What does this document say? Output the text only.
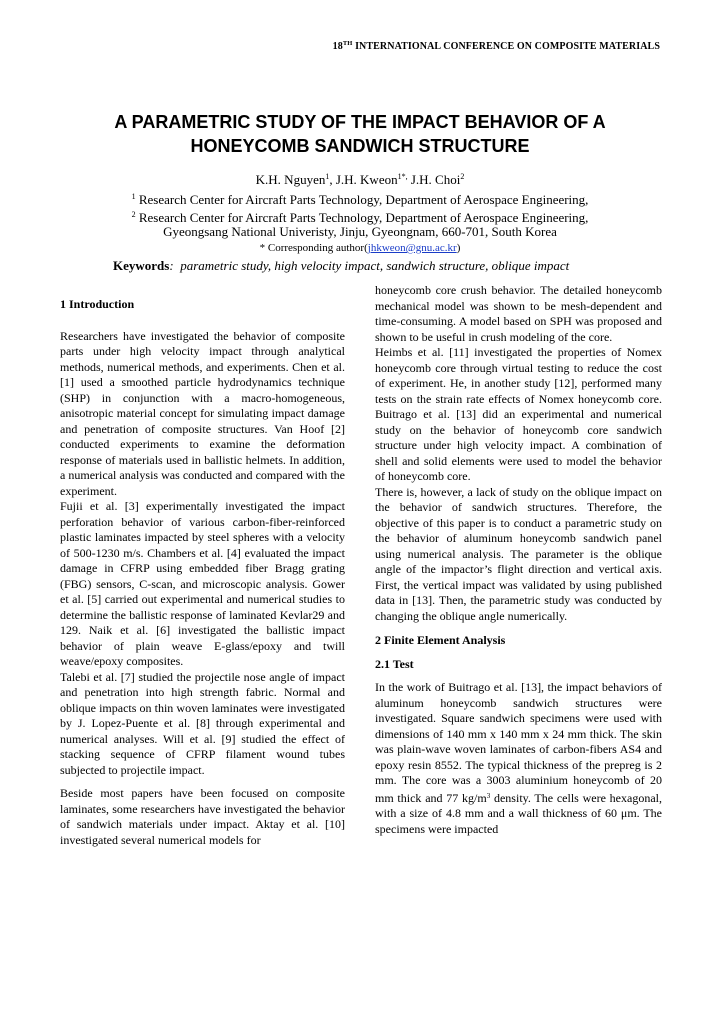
18TH INTERNATIONAL CONFERENCE ON COMPOSITE MATERIALS
A PARAMETRIC STUDY OF THE IMPACT BEHAVIOR OF A
HONEYCOMB SANDWICH STRUCTURE
K.H. Nguyen$^1$, J.H. Kweon$^{1*,}$ J.H. Choi$^2$
$^1$ Research Center for Aircraft Parts Technology, Department of Aerospace Engineering,
$^2$ Research Center for Aircraft Parts Technology, Department of Aerospace Engineering,
Gyeongsang National Univeristy, Jinju, Gyeongnam, 660-701, South Korea
* Corresponding author(jhkweon@gnu.ac.kr)
Keywords:  parametric study, high velocity impact, sandwich structure, oblique impact

1 Introduction

Researchers have investigated the behavior of composite parts under high velocity impact through analytical methods, numerical methods, and experiments. Chen et al. [1] used a smoothed particle hydrodynamics technique (SHP) in conjunction with a macro-homogeneous, anisotropic material concept for simulating impact damage and penetration of composite structures. Van Hoof [2] conducted experiments to examine the deformation response of materials used in ballistic helmets. In addition, a numerical analysis was conducted and compared with the experiment.

Fujii et al. [3] experimentally investigated the impact perforation behavior of various carbon-fiber-reinforced plastic laminates impacted by steel spheres with a velocity of 500-1230 m/s. Chambers et al. [4] evaluated the impact damage in CFRP using embedded fiber Bragg grating (FBG) sensors, C-scan, and microscopic analysis. Gower et al. [5] carried out experimental and numerical studies to determine the ballistic response of laminated Kevlar29 and 129. Naik et al. [6] investigated the ballistic impact behavior of plain weave E-glass/epoxy and twill weave/epoxy composites.

Talebi et al. [7] studied the projectile nose angle of impact and penetration into high strength fabric. Normal and oblique impacts on thin woven laminates were investigated by J. Lopez-Puente et al. [8] through experimental and numerical analyses. Will et al. [9] studied the effect of stacking sequence of CFRP filament wound tubes subjected to projectile impact.

Beside most papers have been focused on composite laminates, some researchers have investigated the behavior of sandwich materials under impact. Aktay et al. [10] investigated several numerical models for

honeycomb core crush behavior. The detailed honeycomb mechanical model was shown to be mesh-dependent and time-consuming. A model based on SPH was proposed and shown to be useful in crush modeling of the core.

Heimbs et al. [11] investigated the properties of Nomex honeycomb core through virtual testing to reduce the cost of experiment. He, in another study [12], performed many tests on the strain rate effects of Nomex honeycomb core. Buitrago et al. [13] did an experimental and numerical study on the behavior of honeycomb core sandwich structure under high velocity impact. A combination of shell and solid elements were used to model the behavior of honeycomb core.

There is, however, a lack of study on the oblique impact on the behavior of sandwich structures. Therefore, the objective of this paper is to conduct a parametric study on the behavior of aluminum honeycomb sandwich panel using numerical analysis. The parameter is the oblique angle of the impactor’s flight direction and vertical axis. First, the vertical impact was validated by using published data in [13]. Then, the parametric study was conducted by changing the oblique angle numerically.

2 Finite Element Analysis

2.1 Test

In the work of Buitrago et al. [13], the impact behaviors of aluminum honeycomb sandwich structures were investigated. Square sandwich specimens were used with dimensions of 140 mm x 140 mm x 24 mm thick. The skin was plain-wave woven laminates of carbon-fibers AS4 and epoxy resin 8552. The typical thickness of the prepreg is 2 mm. The core was a 3003 aluminium honeycomb of 20 mm thick and 77 $kg/m^3$ density. The cells were hexagonal, with a size of 4.8 mm and a wall thickness of 60 μm. The specimens were impacted
